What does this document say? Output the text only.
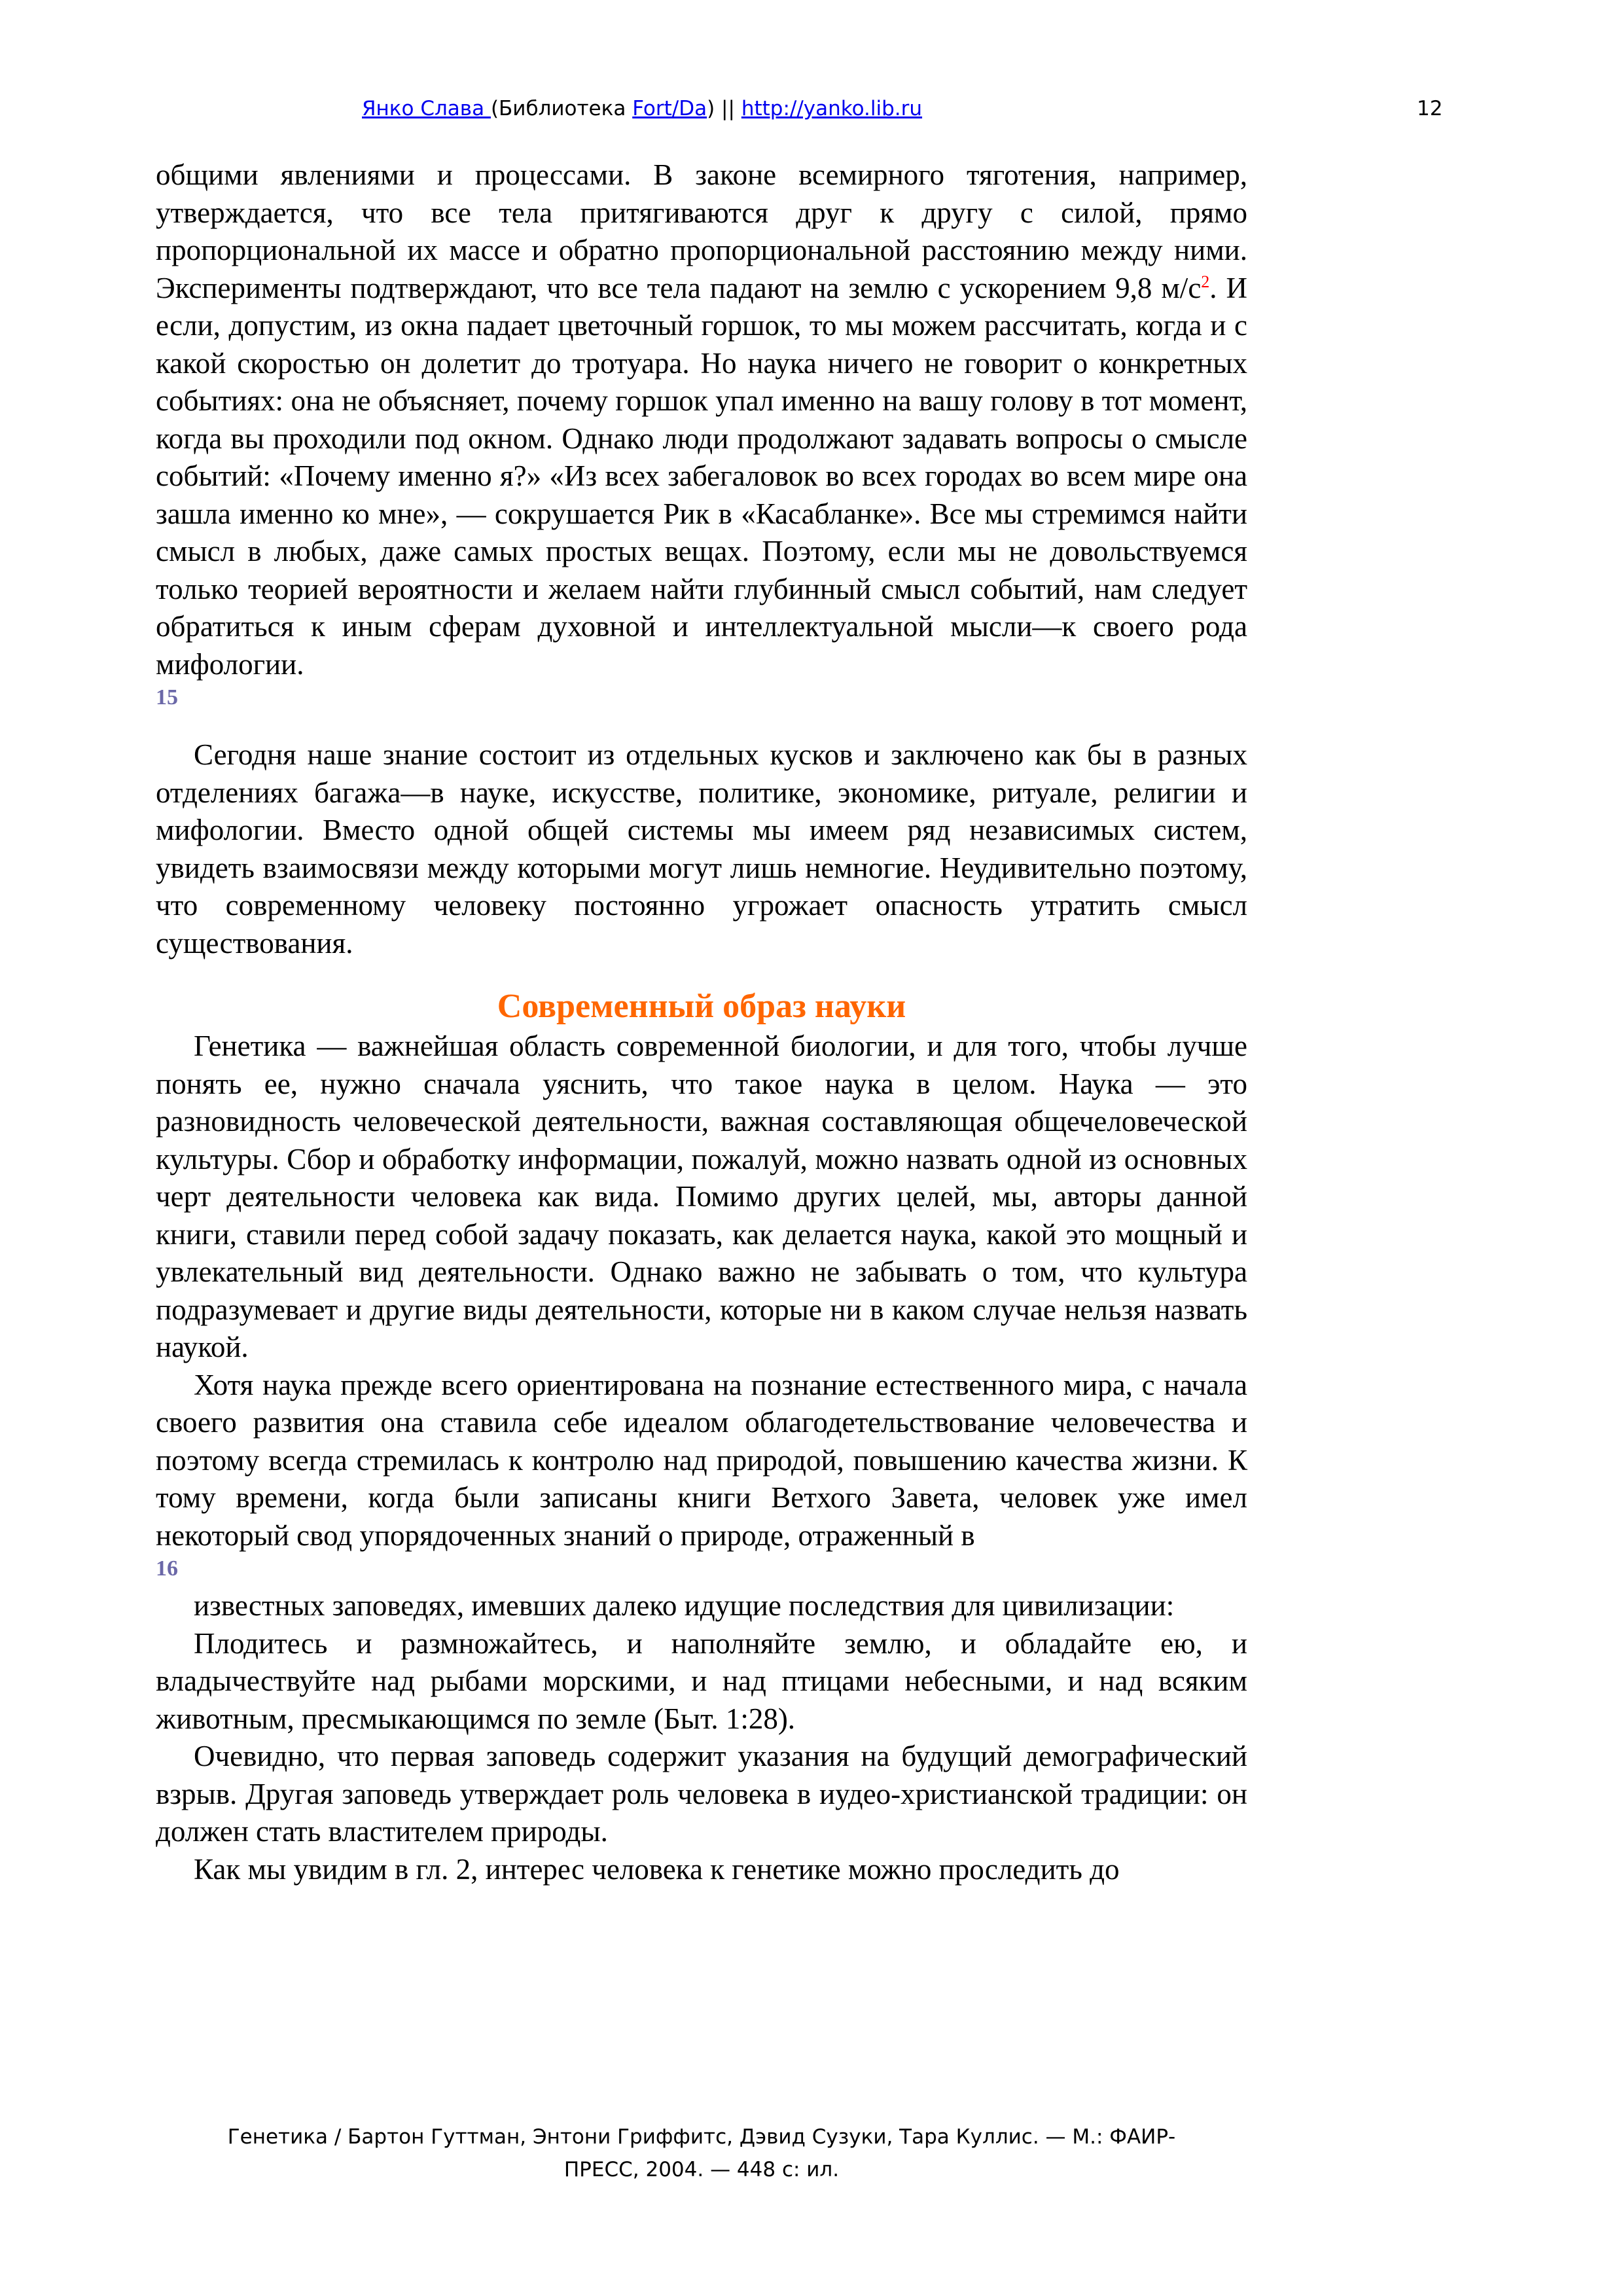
Янко Слава (Библиотека Fort/Da) || http://yanko.lib.ru	12

общими явлениями и процессами. В законе всемирного тяготения, например, утверждается, что все тела притягиваются друг к другу с силой, прямо пропорциональной их массе и обратно пропорциональной расстоянию между ними. Эксперименты подтверждают, что все тела падают на землю с ускорением 9,8 $м/с^2$. И если, допустим, из окна падает цветочный горшок, то мы можем рассчитать, когда и с какой скоростью он долетит до тротуара. Но наука ничего не говорит о конкретных событиях: она не объясняет, почему горшок упал именно на вашу голову в тот момент, когда вы проходили под окном. Однако люди продолжают задавать вопросы о смысле событий: «Почему именно я?» «Из всех забегаловок во всех городах во всем мире она зашла именно ко мне», — сокрушается Рик в «Касабланке». Все мы стремимся найти смысл в любых, даже самых простых вещах. Поэтому, если мы не довольствуемся только теорией вероятности и желаем найти глубинный смысл событий, нам следует обратиться к иным сферам духовной и интеллектуальной мысли—к своего рода мифологии.

15

Сегодня наше знание состоит из отдельных кусков и заключено как бы в разных отделениях багажа—в науке, искусстве, политике, экономике, ритуале, религии и мифологии. Вместо одной общей системы мы имеем ряд независимых систем, увидеть взаимосвязи между которыми могут лишь немногие. Неудивительно поэтому, что современному человеку постоянно угрожает опасность утратить смысл существования.

Современный образ науки

Генетика — важнейшая область современной биологии, и для того, чтобы лучше понять ее, нужно сначала уяснить, что такое наука в целом. Наука — это разновидность человеческой деятельности, важная составляющая общечеловеческой культуры. Сбор и обработку информации, пожалуй, можно назвать одной из основных черт деятельности человека как вида. Помимо других целей, мы, авторы данной книги, ставили перед собой задачу показать, как делается наука, какой это мощный и увлекательный вид деятельности. Однако важно не забывать о том, что культура подразумевает и другие виды деятельности, которые ни в каком случае нельзя назвать наукой.

Хотя наука прежде всего ориентирована на познание естественного мира, с начала своего развития она ставила себе идеалом облагодетельствование человечества и поэтому всегда стремилась к контролю над природой, повышению качества жизни. К тому времени, когда были записаны книги Ветхого Завета, человек уже имел некоторый свод упорядоченных знаний о природе, отраженный в

16

известных заповедях, имевших далеко идущие последствия для цивилизации:

Плодитесь и размножайтесь, и наполняйте землю, и обладайте ею, и владычествуйте над рыбами морскими, и над птицами небесными, и над всяким животным, пресмыкающимся по земле (Быт. 1:28).

Очевидно, что первая заповедь содержит указания на будущий демографический взрыв. Другая заповедь утверждает роль человека в иудео-христианской традиции: он должен стать властителем природы.

Как мы увидим в гл. 2, интерес человека к генетике можно проследить до

Генетика / Бартон Гуттман, Энтони Гриффитс, Дэвид Сузуки, Тара Куллис. — М.: ФАИР-
ПРЕСС, 2004. — 448 с: ил.
